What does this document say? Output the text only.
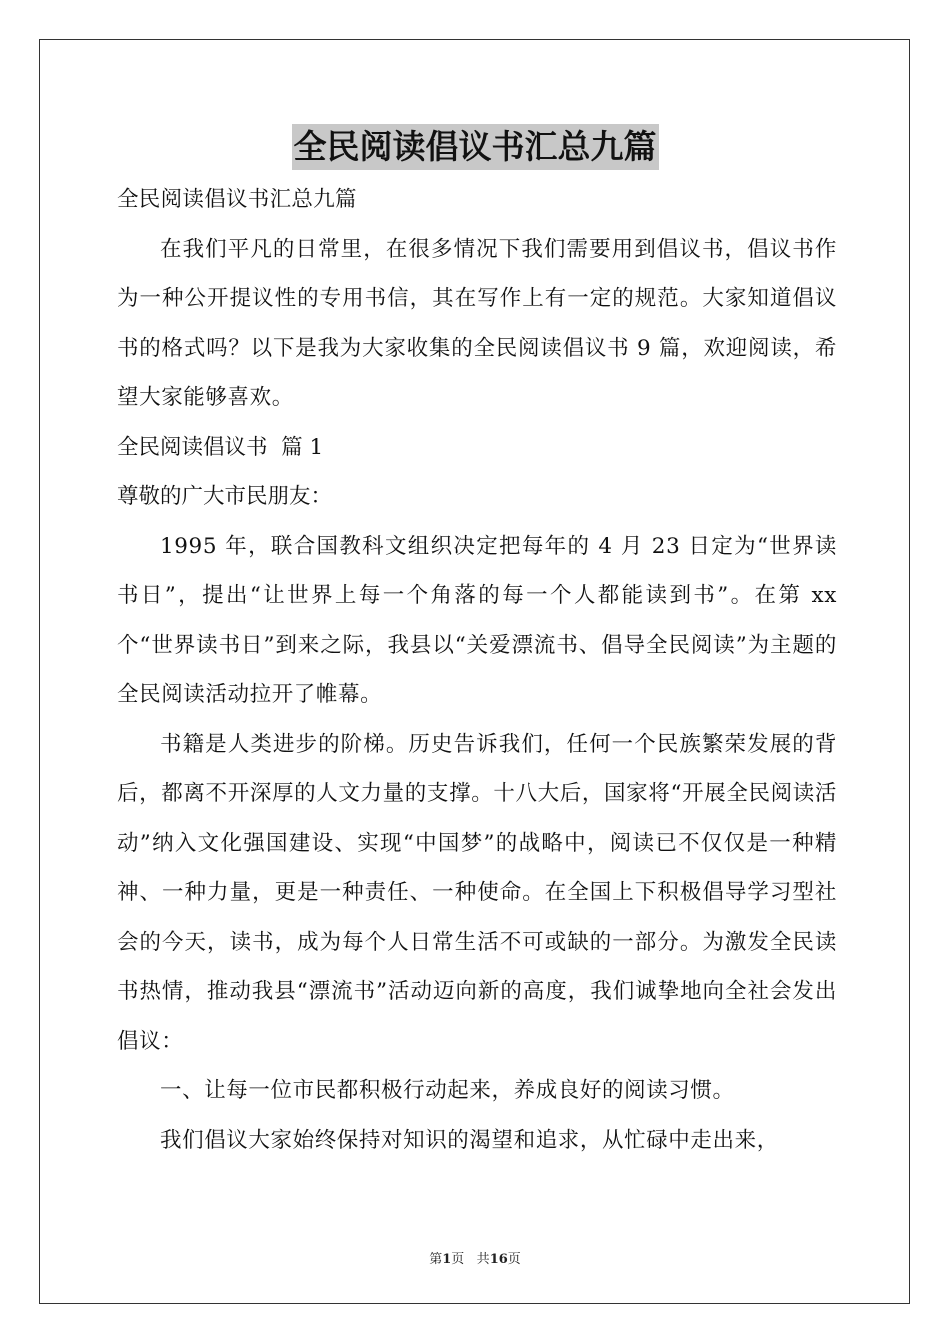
全民阅读倡议书汇总九篇
全民阅读倡议书汇总九篇
在我们平凡的日常里，在很多情况下我们需要用到倡议书，倡议书作为一种公开提议性的专用书信，其在写作上有一定的规范。大家知道倡议书的格式吗？以下是我为大家收集的全民阅读倡议书 9 篇，欢迎阅读，希望大家能够喜欢。
全民阅读倡议书  篇 1
尊敬的广大市民朋友：
1995 年，联合国教科文组织决定把每年的 4 月 23 日定为“世界读书日”，提出“让世界上每一个角落的每一个人都能读到书”。在第 xx 个“世界读书日”到来之际，我县以“关爱漂流书、倡导全民阅读”为主题的全民阅读活动拉开了帷幕。
书籍是人类进步的阶梯。历史告诉我们，任何一个民族繁荣发展的背后，都离不开深厚的人文力量的支撑。十八大后，国家将“开展全民阅读活动”纳入文化强国建设、实现“中国梦”的战略中，阅读已不仅仅是一种精神、一种力量，更是一种责任、一种使命。在全国上下积极倡导学习型社会的今天，读书，成为每个人日常生活不可或缺的一部分。为激发全民读书热情，推动我县“漂流书”活动迈向新的高度，我们诚挚地向全社会发出倡议：
一、让每一位市民都积极行动起来，养成良好的阅读习惯。
我们倡议大家始终保持对知识的渴望和追求，从忙碌中走出来，
第1页 共16页
